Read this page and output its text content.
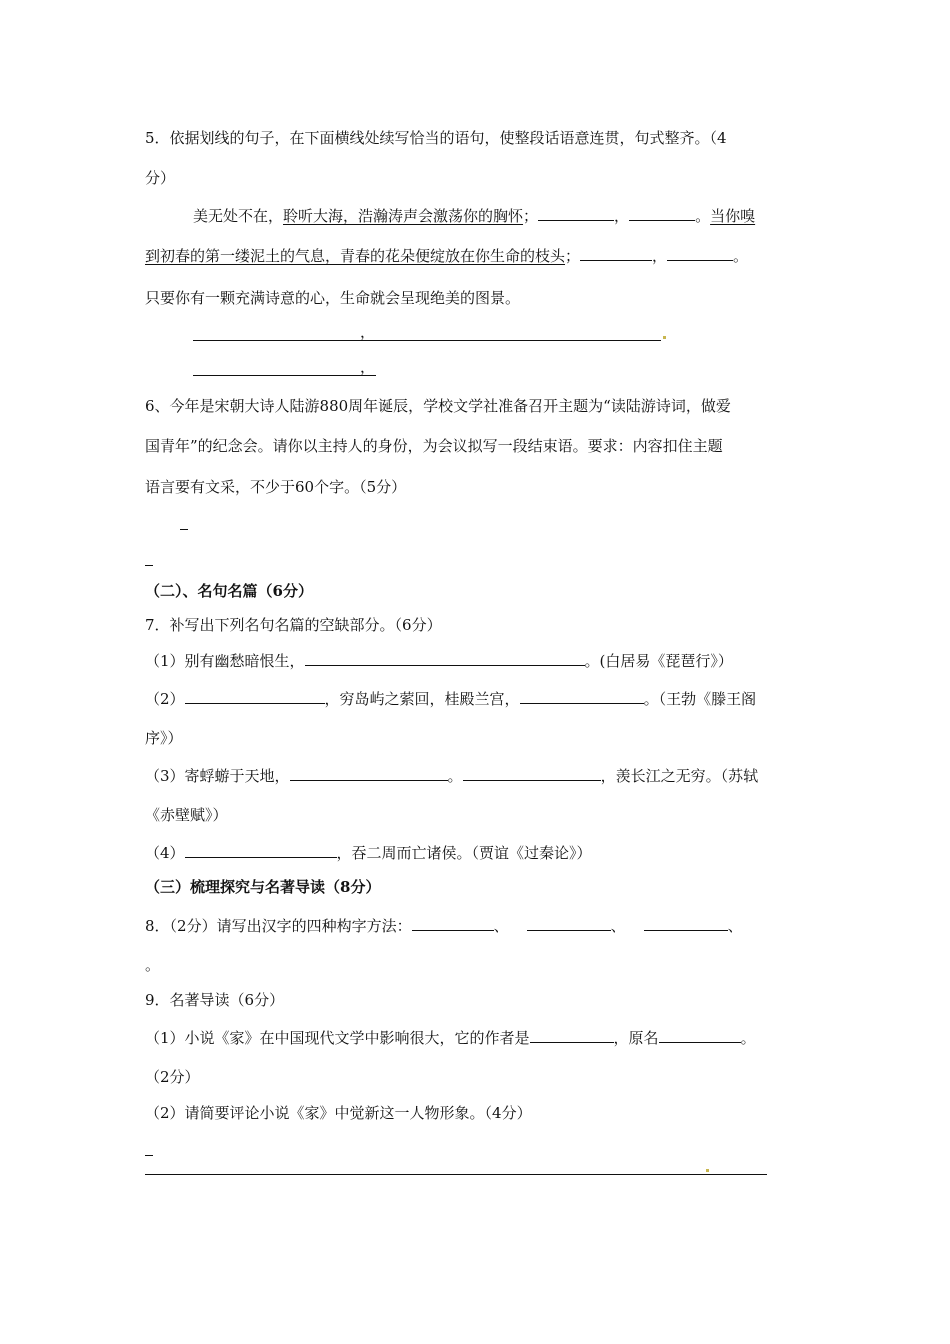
5．依据划线的句子，在下面横线处续写恰当的语句，使整段话语意连贯，句式整齐。（4
分）
美无处不在，聆听大海，浩瀚涛声会激荡你的胸怀；	，	。当你嗅
到初春的第一缕泥土的气息，青春的花朵便绽放在你生命的枝头；	，	。
只要你有一颗充满诗意的心，生命就会呈现绝美的图景。
，
，
6、今年是宋朝大诗人陆游880周年诞辰，学校文学社准备召开主题为“读陆游诗词，做爱
国青年”的纪念会。请你以主持人的身份，为会议拟写一段结束语。要求：内容扣住主题
语言要有文采，不少于60个字。（5分）
（二）、名句名篇（6分）
7．补写出下列名句名篇的空缺部分。（6分）
（1）别有幽愁暗恨生，	。(白居易《琵琶行》）
（2）	，穷岛屿之萦回，桂殿兰宫，	。（王勃《滕王阁
序》）
（3）寄蜉蝣于天地，	。	，羡长江之无穷。（苏轼
《赤壁赋》）
（4）	，吞二周而亡诸侯。（贾谊《过秦论》）
（三）梳理探究与名著导读（8分）
8．（2分）请写出汉字的四种构字方法：	、	、	、
。
9．名著导读（6分）
（1）小说《家》在中国现代文学中影响很大，它的作者是	，原名	。
（2分）
（2）请简要评论小说《家》中觉新这一人物形象。（4分）
